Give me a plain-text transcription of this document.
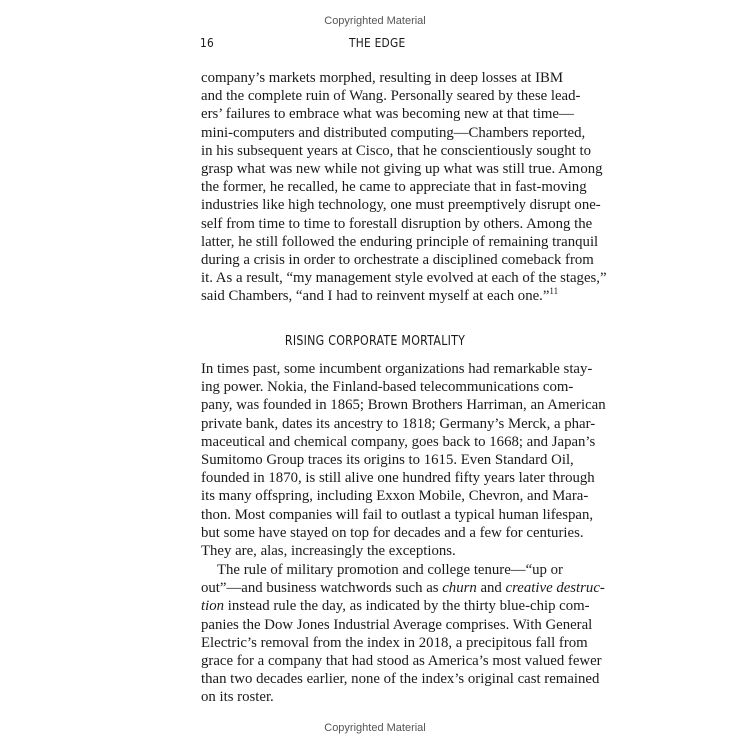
Copyrighted Material
16	THE EDGE
company’s markets morphed, resulting in deep losses at IBM
and the complete ruin of Wang. Personally seared by these lead-
ers’ failures to embrace what was becoming new at that time—
mini-computers and distributed computing—Chambers reported,
in his subsequent years at Cisco, that he conscientiously sought to
grasp what was new while not giving up what was still true. Among
the former, he recalled, he came to appreciate that in fast-moving
industries like high technology, one must preemptively disrupt one-
self from time to time to forestall disruption by others. Among the
latter, he still followed the enduring principle of remaining tranquil
during a crisis in order to orchestrate a disciplined comeback from
it. As a result, “my management style evolved at each of the stages,”
said Chambers, “and I had to reinvent myself at each one.”$^{11}$
RISING CORPORATE MORTALITY
In times past, some incumbent organizations had remarkable stay-
ing power. Nokia, the Finland-based telecommunications com-
pany, was founded in 1865; Brown Brothers Harriman, an American
private bank, dates its ancestry to 1818; Germany’s Merck, a phar-
maceutical and chemical company, goes back to 1668; and Japan’s
Sumitomo Group traces its origins to 1615. Even Standard Oil,
founded in 1870, is still alive one hundred fifty years later through
its many offspring, including Exxon Mobile, Chevron, and Mara-
thon. Most companies will fail to outlast a typical human lifespan,
but some have stayed on top for decades and a few for centuries.
They are, alas, increasingly the exceptions.
The rule of military promotion and college tenure—“up or
out”—and business watchwords such as churn and creative destruc-
tion instead rule the day, as indicated by the thirty blue-chip com-
panies the Dow Jones Industrial Average comprises. With General
Electric’s removal from the index in 2018, a precipitous fall from
grace for a company that had stood as America’s most valued fewer
than two decades earlier, none of the index’s original cast remained
on its roster.
Copyrighted Material
